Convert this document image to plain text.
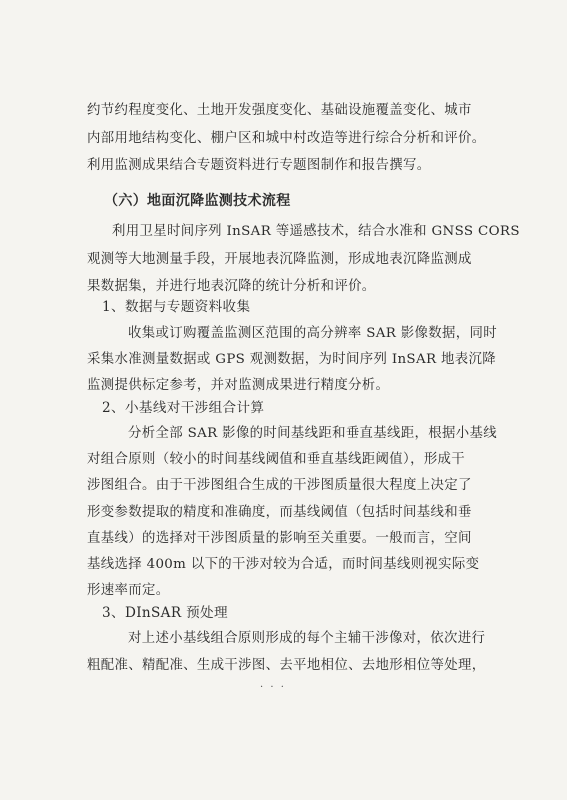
约节约程度变化、土地开发强度变化、基础设施覆盖变化、城市
内部用地结构变化、棚户区和城中村改造等进行综合分析和评价。
利用监测成果结合专题资料进行专题图制作和报告撰写。
（六）地面沉降监测技术流程
利用卫星时间序列 InSAR 等遥感技术，结合水准和 GNSS CORS
观测等大地测量手段，开展地表沉降监测，形成地表沉降监测成
果数据集，并进行地表沉降的统计分析和评价。
1、数据与专题资料收集
收集或订购覆盖监测区范围的高分辨率 SAR 影像数据，同时
采集水准测量数据或 GPS 观测数据，为时间序列 InSAR 地表沉降
监测提供标定参考，并对监测成果进行精度分析。
2、小基线对干涉组合计算
分析全部 SAR 影像的时间基线距和垂直基线距，根据小基线
对组合原则（较小的时间基线阈值和垂直基线距阈值），形成干
涉图组合。由于干涉图组合生成的干涉图质量很大程度上决定了
形变参数提取的精度和准确度，而基线阈值（包括时间基线和垂
直基线）的选择对干涉图质量的影响至关重要。一般而言，空间
基线选择 400m 以下的干涉对较为合适，而时间基线则视实际变
形速率而定。
3、DInSAR 预处理
对上述小基线组合原则形成的每个主辅干涉像对，依次进行
粗配准、精配准、生成干涉图、去平地相位、去地形相位等处理，
· · ·
